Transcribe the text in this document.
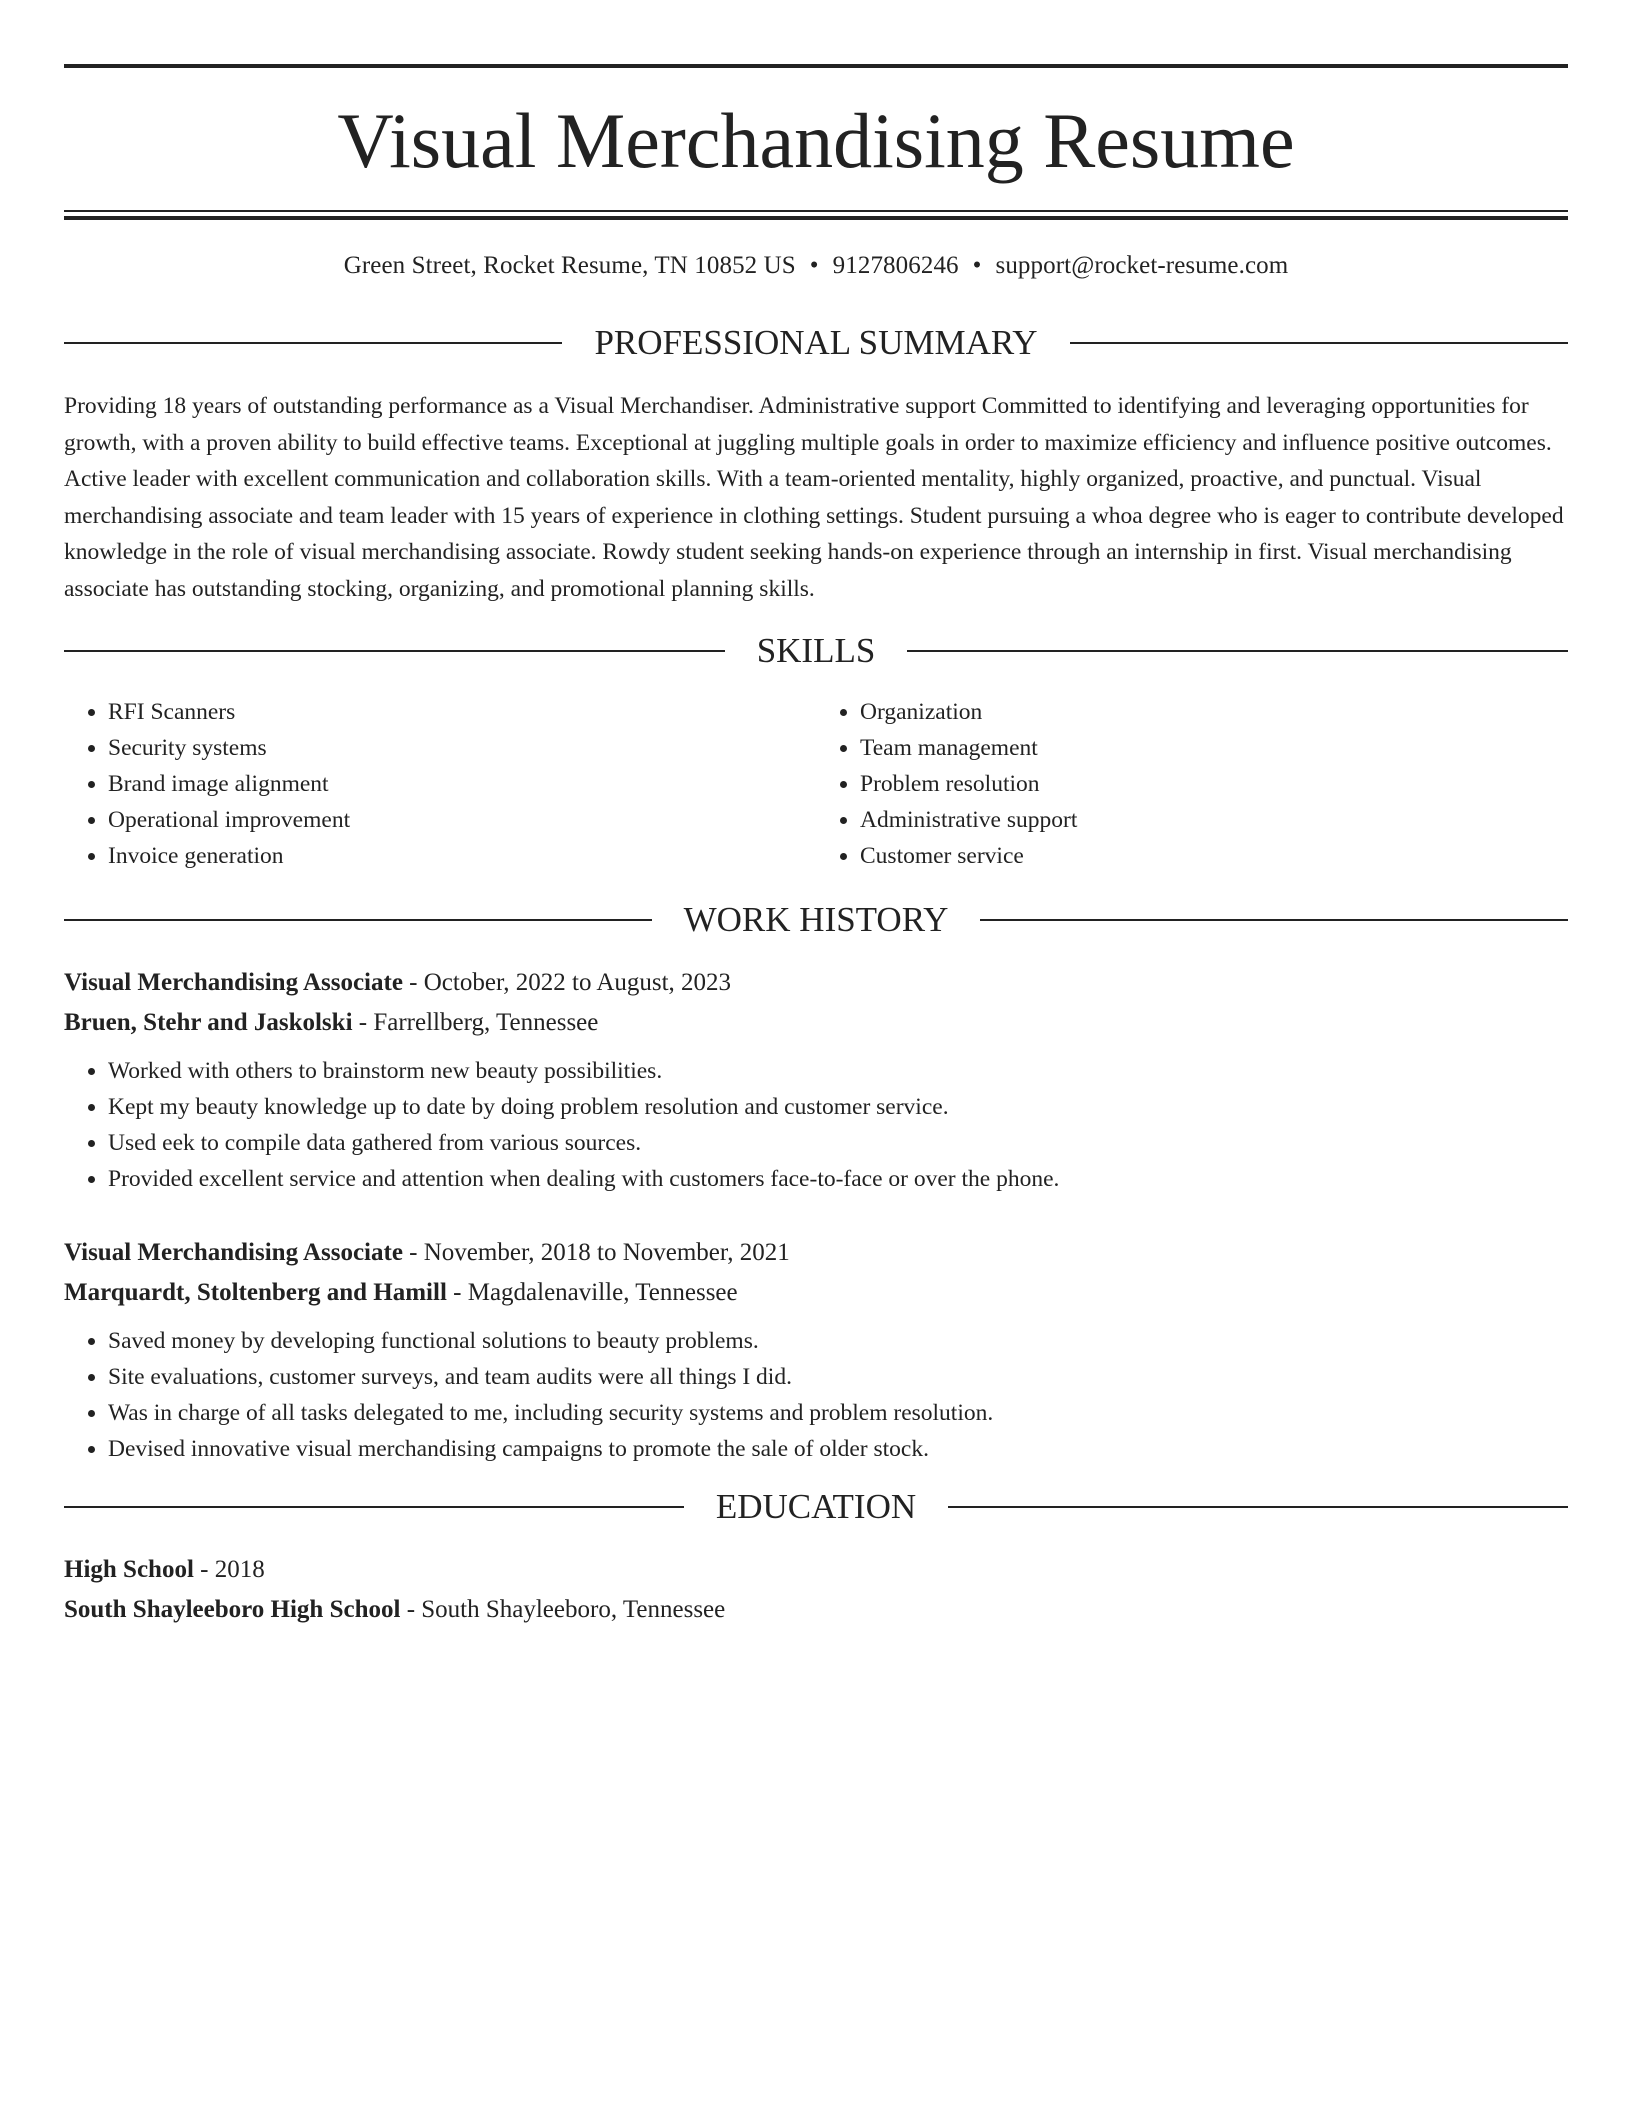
Visual Merchandising Resume
Green Street, Rocket Resume, TN 10852 US • 9127806246 • support@rocket-resume.com
PROFESSIONAL SUMMARY

Providing 18 years of outstanding performance as a Visual Merchandiser. Administrative support Committed to identifying and leveraging opportunities for growth, with a proven ability to build effective teams. Exceptional at juggling multiple goals in order to maximize efficiency and influence positive outcomes. Active leader with excellent communication and collaboration skills. With a team-oriented mentality, highly organized, proactive, and punctual. Visual merchandising associate and team leader with 15 years of experience in clothing settings. Student pursuing a whoa degree who is eager to contribute developed knowledge in the role of visual merchandising associate. Rowdy student seeking hands-on experience through an internship in first. Visual merchandising associate has outstanding stocking, organizing, and promotional planning skills.

SKILLS
• RFI Scanners
• Security systems
• Brand image alignment
• Operational improvement
• Invoice generation
• Organization
• Team management
• Problem resolution
• Administrative support
• Customer service
WORK HISTORY
Visual Merchandising Associate - October, 2022 to August, 2023
Bruen, Stehr and Jaskolski - Farrellberg, Tennessee
• Worked with others to brainstorm new beauty possibilities.
• Kept my beauty knowledge up to date by doing problem resolution and customer service.
• Used eek to compile data gathered from various sources.
• Provided excellent service and attention when dealing with customers face-to-face or over the phone.
Visual Merchandising Associate - November, 2018 to November, 2021
Marquardt, Stoltenberg and Hamill - Magdalenaville, Tennessee
• Saved money by developing functional solutions to beauty problems.
• Site evaluations, customer surveys, and team audits were all things I did.
• Was in charge of all tasks delegated to me, including security systems and problem resolution.
• Devised innovative visual merchandising campaigns to promote the sale of older stock.
EDUCATION
High School - 2018
South Shayleeboro High School - South Shayleeboro, Tennessee
